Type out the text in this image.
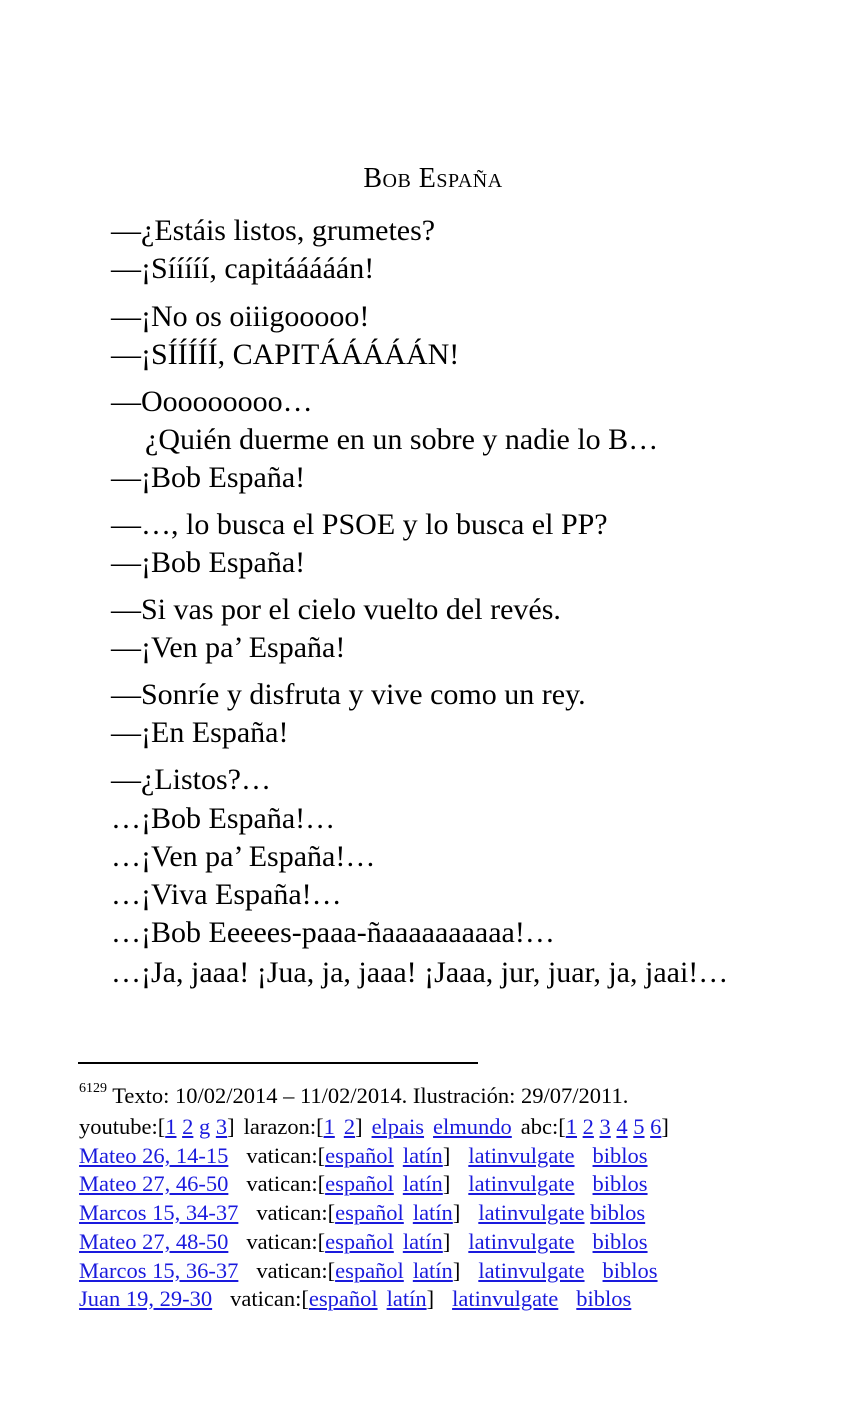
Bob España
—¿Estáis listos, grumetes?
—¡Sííííí, capitááááán!
—¡No os oiiigooooo!
—¡SÍÍÍÍÍ, CAPITÁÁÁÁÁN!
—Ooooooooo…
¿Quién duerme en un sobre y nadie lo B…
—¡Bob España!
—…, lo busca el PSOE y lo busca el PP?
—¡Bob España!
—Si vas por el cielo vuelto del revés.
—¡Ven pa’ España!
—Sonríe y disfruta y vive como un rey.
—¡En España!
—¿Listos?…
…¡Bob España!…
…¡Ven pa’ España!…
…¡Viva España!…
…¡Bob Eeeees-paaa-ñaaaaaaaaaa!…
…¡Ja, jaaa! ¡Jua, ja, jaaa! ¡Jaaa, jur, juar, ja, jaai!…
$^{6129}$ Texto: 10/02/2014 – 11/02/2014. Ilustración: 29/07/2011.
youtube:[1 2 g 3] larazon:[1 2] elpais elmundo abc:[1 2 3 4 5 6]
Mateo 26, 14-15 vatican:[español latín] latinvulgate biblos
Mateo 27, 46-50 vatican:[español latín] latinvulgate biblos
Marcos 15, 34-37 vatican:[español latín] latinvulgate biblos
Mateo 27, 48-50 vatican:[español latín] latinvulgate biblos
Marcos 15, 36-37 vatican:[español latín] latinvulgate biblos
Juan 19, 29-30 vatican:[español latín] latinvulgate biblos
